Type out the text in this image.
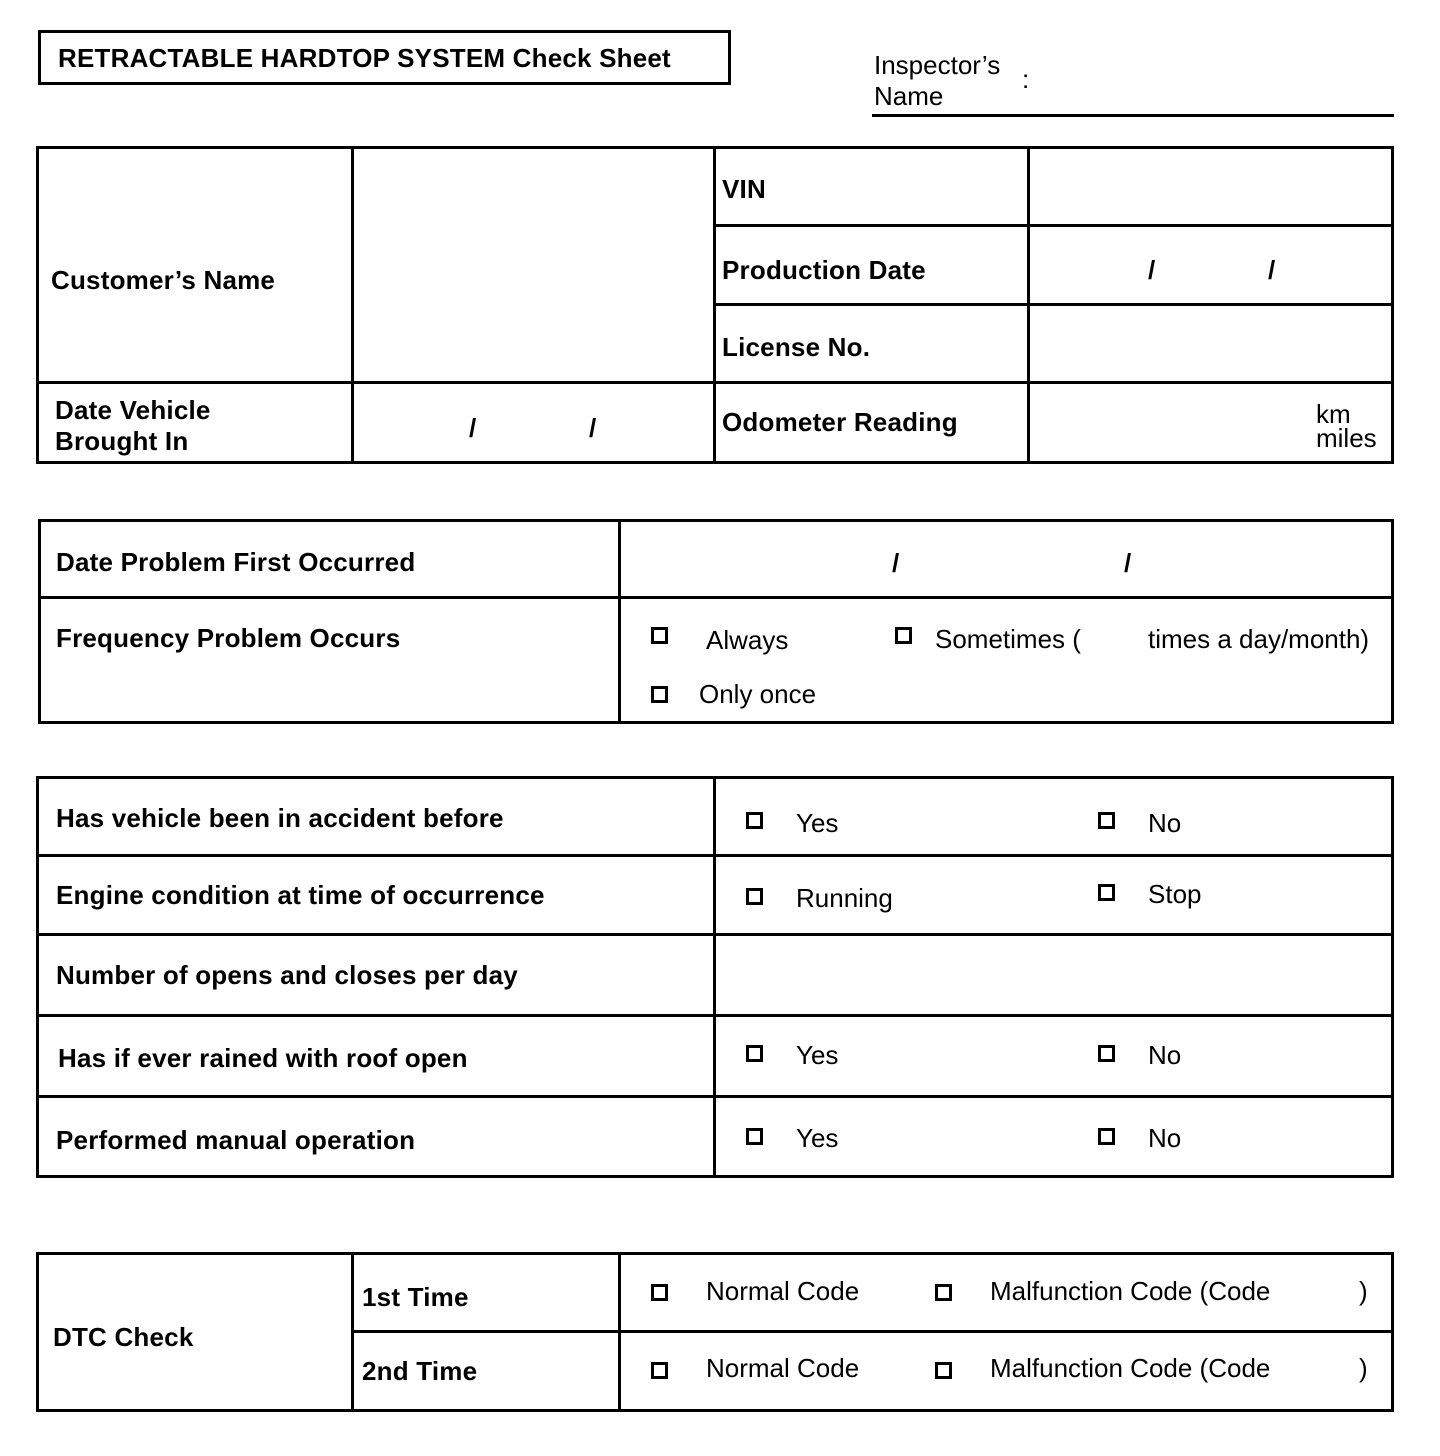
RETRACTABLE HARDTOP SYSTEM Check Sheet	Inspector’s
Name
:
Customer’s Name
VIN
Production Date	/	/
License No.
Date Vehicle
Brought In	/	/	Odometer Reading	km
miles
Date Problem First Occurred	/	/
Frequency Problem Occurs	Always	Sometimes (	times a day/month)
Only once
Has vehicle been in accident before	Yes	No
Engine condition at time of occurrence	Running	Stop
Number of opens and closes per day
Has if ever rained with roof open	Yes	No
Performed manual operation	Yes	No
DTC Check
1st Time	Normal Code	Malfunction Code (Code	)
2nd Time	Normal Code	Malfunction Code (Code	)
